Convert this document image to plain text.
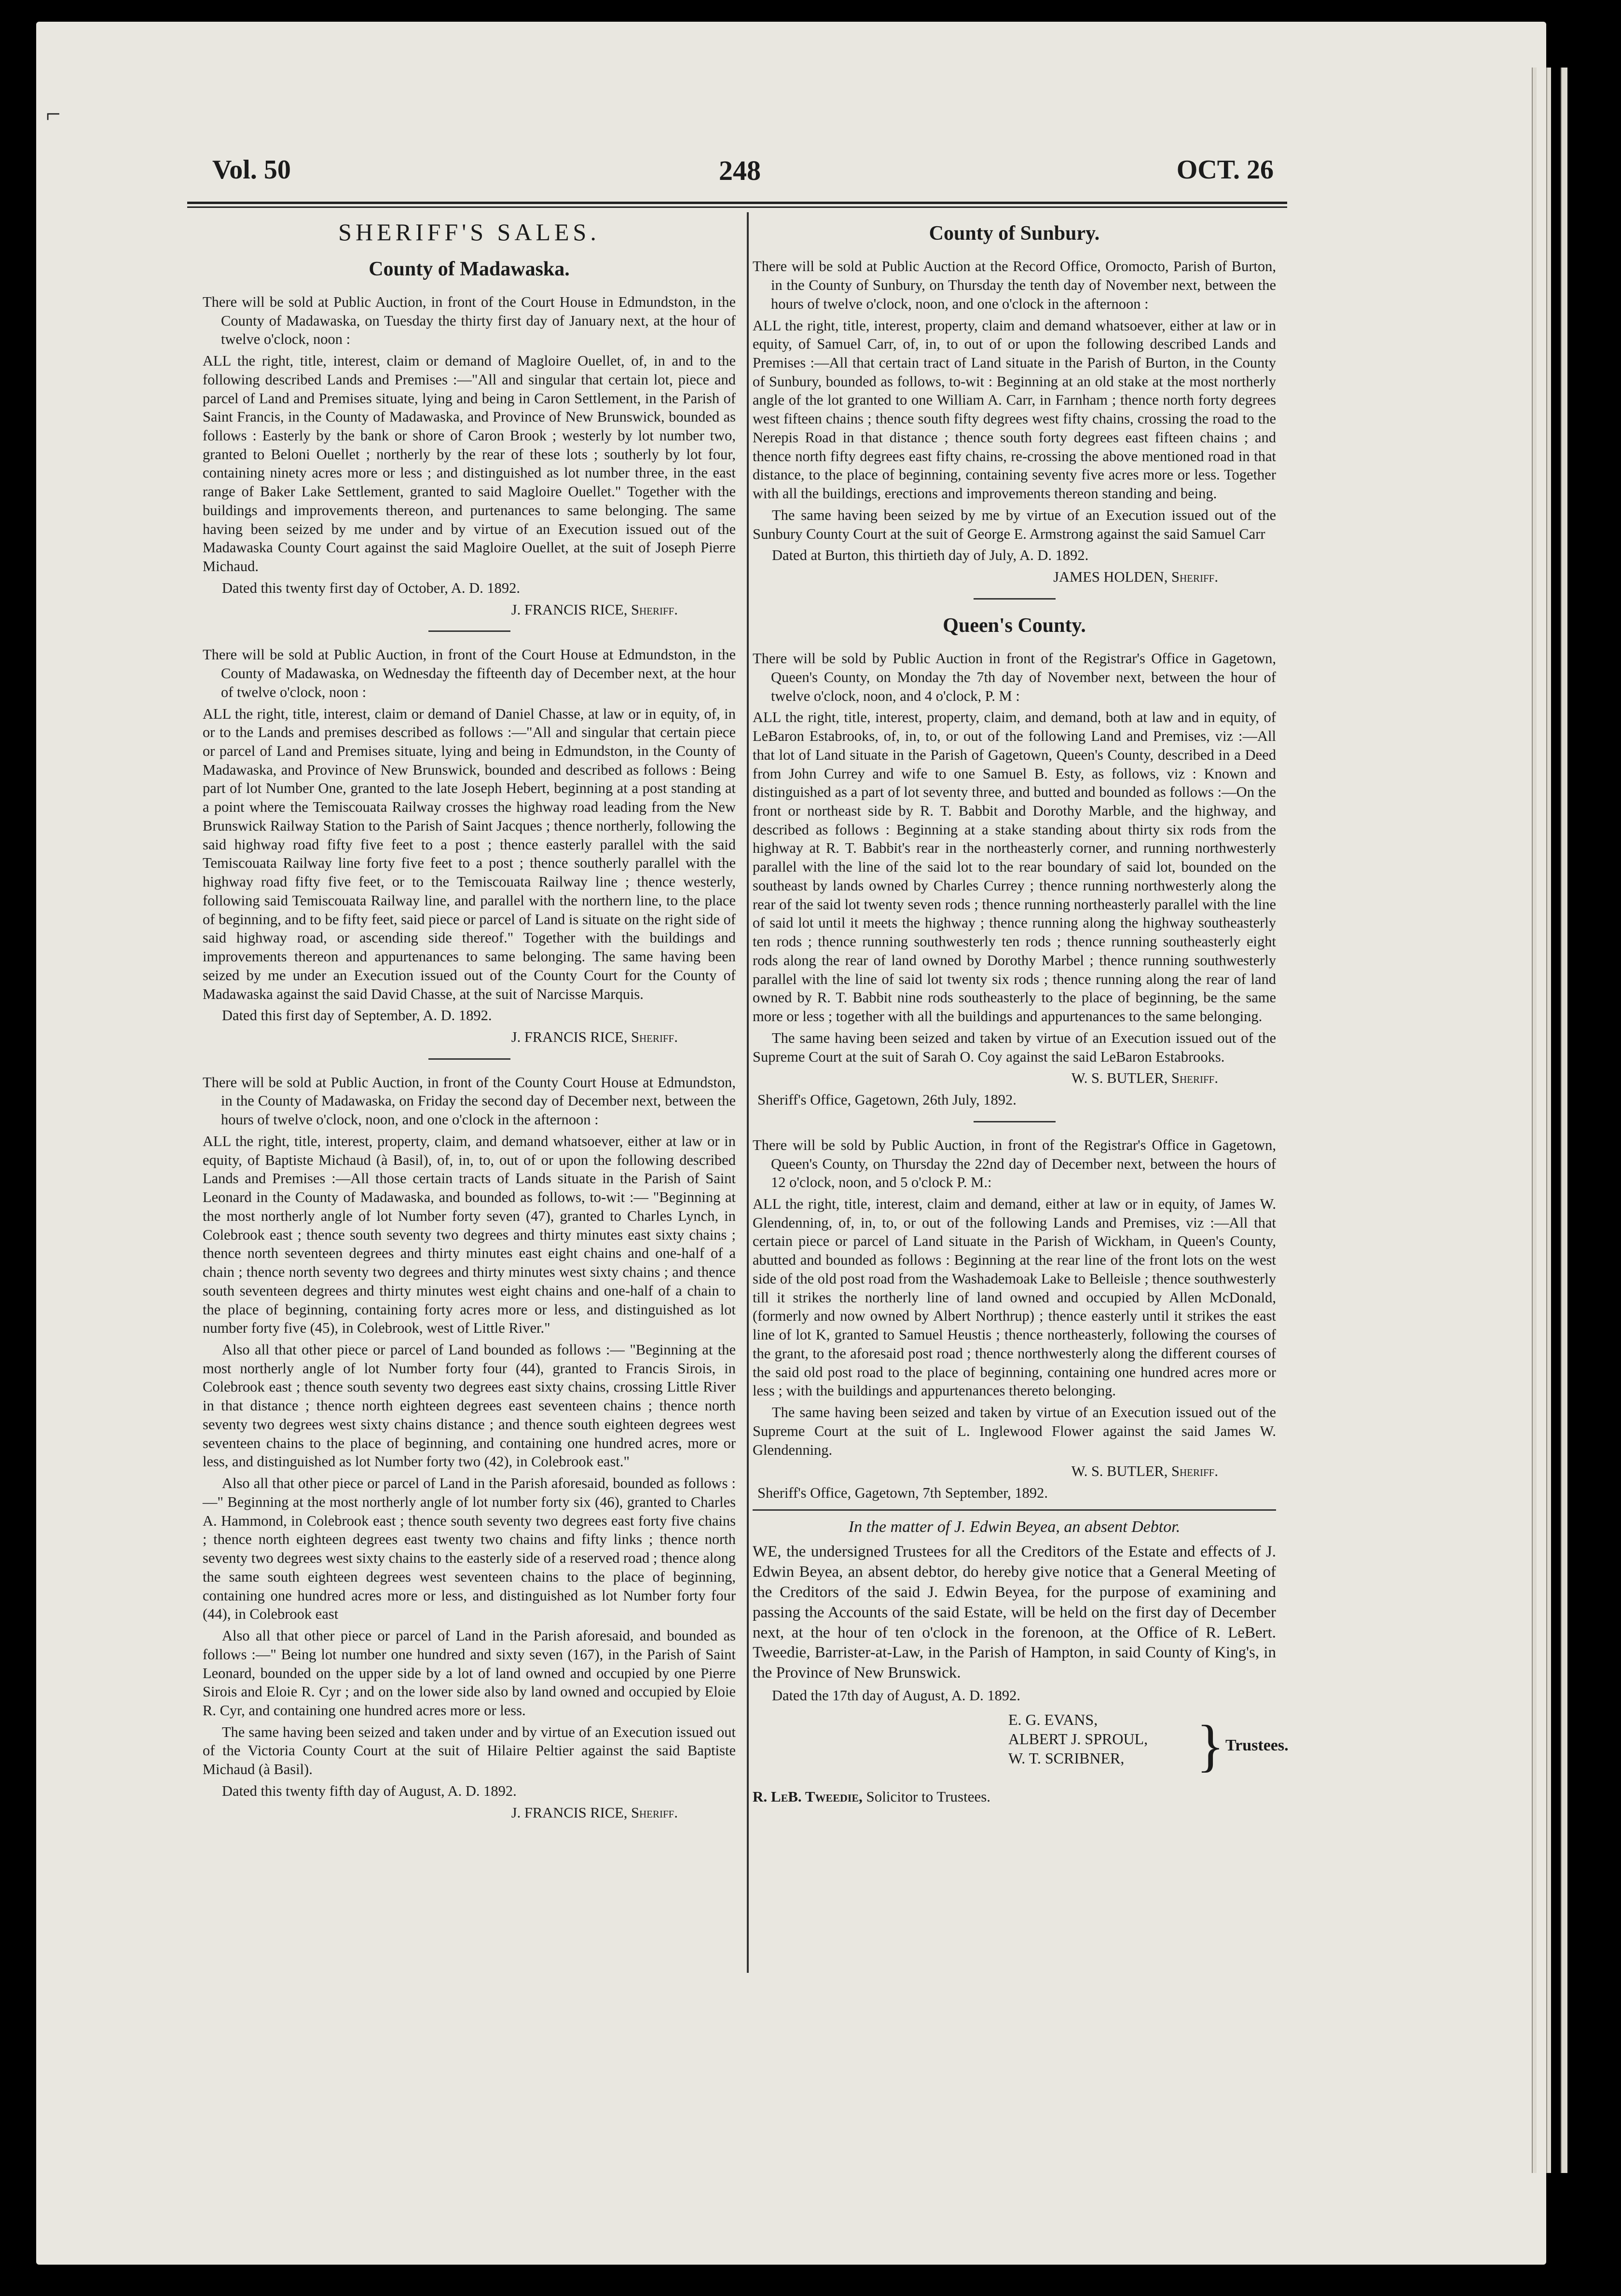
⌐
Vol. 50	248	OCT. 26
SHERIFF'S SALES.
County of Madawaska.

There will be sold at Public Auction, in front of the Court House in Edmundston, in the County of Madawaska, on Tuesday the thirty first day of January next, at the hour of twelve o'clock, noon :

ALL the right, title, interest, claim or demand of Magloire Ouellet, of, in and to the following described Lands and Premises :—"All and singular that certain lot, piece and parcel of Land and Premises situate, lying and being in Caron Settlement, in the Parish of Saint Francis, in the County of Madawaska, and Province of New Brunswick, bounded as follows : Easterly by the bank or shore of Caron Brook ; westerly by lot number two, granted to Beloni Ouellet ; northerly by the rear of these lots ; southerly by lot four, containing ninety acres more or less ; and distinguished as lot number three, in the east range of Baker Lake Settlement, granted to said Magloire Ouellet." Together with the buildings and improvements thereon, and purtenances to same belonging. The same having been seized by me under and by virtue of an Execution issued out of the Madawaska County Court against the said Magloire Ouellet, at the suit of Joseph Pierre Michaud.

Dated this twenty first day of October, A. D. 1892.

J. FRANCIS RICE, Sheriff.

There will be sold at Public Auction, in front of the Court House at Edmundston, in the County of Madawaska, on Wednesday the fifteenth day of December next, at the hour of twelve o'clock, noon :

ALL the right, title, interest, claim or demand of Daniel Chasse, at law or in equity, of, in or to the Lands and premises described as follows :—"All and singular that certain piece or parcel of Land and Premises situate, lying and being in Edmundston, in the County of Madawaska, and Province of New Brunswick, bounded and described as follows : Being part of lot Number One, granted to the late Joseph Hebert, beginning at a post standing at a point where the Temiscouata Railway crosses the highway road leading from the New Brunswick Railway Station to the Parish of Saint Jacques ; thence northerly, following the said highway road fifty five feet to a post ; thence easterly parallel with the said Temiscouata Railway line forty five feet to a post ; thence southerly parallel with the highway road fifty five feet, or to the Temiscouata Railway line ; thence westerly, following said Temiscouata Railway line, and parallel with the northern line, to the place of beginning, and to be fifty feet, said piece or parcel of Land is situate on the right side of said highway road, or ascending side thereof." Together with the buildings and improvements thereon and appurtenances to same belonging. The same having been seized by me under an Execution issued out of the County Court for the County of Madawaska against the said David Chasse, at the suit of Narcisse Marquis.

Dated this first day of September, A. D. 1892.

J. FRANCIS RICE, Sheriff.

There will be sold at Public Auction, in front of the County Court House at Edmundston, in the County of Madawaska, on Friday the second day of December next, between the hours of twelve o'clock, noon, and one o'clock in the afternoon :

ALL the right, title, interest, property, claim, and demand whatsoever, either at law or in equity, of Baptiste Michaud (à Basil), of, in, to, out of or upon the following described Lands and Premises :—All those certain tracts of Lands situate in the Parish of Saint Leonard in the County of Madawaska, and bounded as follows, to-wit :— "Beginning at the most northerly angle of lot Number forty seven (47), granted to Charles Lynch, in Colebrook east ; thence south seventy two degrees and thirty minutes east sixty chains ; thence north seventeen degrees and thirty minutes east eight chains and one-half of a chain ; thence north seventy two degrees and thirty minutes west sixty chains ; and thence south seventeen degrees and thirty minutes west eight chains and one-half of a chain to the place of beginning, containing forty acres more or less, and distinguished as lot number forty five (45), in Colebrook, west of Little River."

Also all that other piece or parcel of Land bounded as follows :— "Beginning at the most northerly angle of lot Number forty four (44), granted to Francis Sirois, in Colebrook east ; thence south seventy two degrees east sixty chains, crossing Little River in that distance ; thence north eighteen degrees east seventeen chains ; thence north seventy two degrees west sixty chains distance ; and thence south eighteen degrees west seventeen chains to the place of beginning, and containing one hundred acres, more or less, and distinguished as lot Number forty two (42), in Colebrook east."

Also all that other piece or parcel of Land in the Parish aforesaid, bounded as follows :—" Beginning at the most northerly angle of lot number forty six (46), granted to Charles A. Hammond, in Colebrook east ; thence south seventy two degrees east forty five chains ; thence north eighteen degrees east twenty two chains and fifty links ; thence north seventy two degrees west sixty chains to the easterly side of a reserved road ; thence along the same south eighteen degrees west seventeen chains to the place of beginning, containing one hundred acres more or less, and distinguished as lot Number forty four (44), in Colebrook east

Also all that other piece or parcel of Land in the Parish aforesaid, and bounded as follows :—" Being lot number one hundred and sixty seven (167), in the Parish of Saint Leonard, bounded on the upper side by a lot of land owned and occupied by one Pierre Sirois and Eloie R. Cyr ; and on the lower side also by land owned and occupied by Eloie R. Cyr, and containing one hundred acres more or less.

The same having been seized and taken under and by virtue of an Execution issued out of the Victoria County Court at the suit of Hilaire Peltier against the said Baptiste Michaud (à Basil).

Dated this twenty fifth day of August, A. D. 1892.

J. FRANCIS RICE, Sheriff.

County of Sunbury.

There will be sold at Public Auction at the Record Office, Oromocto, Parish of Burton, in the County of Sunbury, on Thursday the tenth day of November next, between the hours of twelve o'clock, noon, and one o'clock in the afternoon :

ALL the right, title, interest, property, claim and demand whatsoever, either at law or in equity, of Samuel Carr, of, in, to out of or upon the following described Lands and Premises :—All that certain tract of Land situate in the Parish of Burton, in the County of Sunbury, bounded as follows, to-wit : Beginning at an old stake at the most northerly angle of the lot granted to one William A. Carr, in Farnham ; thence north forty degrees west fifteen chains ; thence south fifty degrees west fifty chains, crossing the road to the Nerepis Road in that distance ; thence south forty degrees east fifteen chains ; and thence north fifty degrees east fifty chains, re-crossing the above mentioned road in that distance, to the place of beginning, containing seventy five acres more or less. Together with all the buildings, erections and improvements thereon standing and being.

The same having been seized by me by virtue of an Execution issued out of the Sunbury County Court at the suit of George E. Armstrong against the said Samuel Carr

Dated at Burton, this thirtieth day of July, A. D. 1892.

JAMES HOLDEN, Sheriff.

Queen's County.

There will be sold by Public Auction in front of the Registrar's Office in Gagetown, Queen's County, on Monday the 7th day of November next, between the hour of twelve o'clock, noon, and 4 o'clock, P. M :

ALL the right, title, interest, property, claim, and demand, both at law and in equity, of LeBaron Estabrooks, of, in, to, or out of the following Land and Premises, viz :—All that lot of Land situate in the Parish of Gagetown, Queen's County, described in a Deed from John Currey and wife to one Samuel B. Esty, as follows, viz : Known and distinguished as a part of lot seventy three, and butted and bounded as follows :—On the front or northeast side by R. T. Babbit and Dorothy Marble, and the highway, and described as follows : Beginning at a stake standing about thirty six rods from the highway at R. T. Babbit's rear in the northeasterly corner, and running northwesterly parallel with the line of the said lot to the rear boundary of said lot, bounded on the southeast by lands owned by Charles Currey ; thence running northwesterly along the rear of the said lot twenty seven rods ; thence running northeasterly parallel with the line of said lot until it meets the highway ; thence running along the highway southeasterly ten rods ; thence running southwesterly ten rods ; thence running southeasterly eight rods along the rear of land owned by Dorothy Marbel ; thence running southwesterly parallel with the line of said lot twenty six rods ; thence running along the rear of land owned by R. T. Babbit nine rods southeasterly to the place of beginning, be the same more or less ; together with all the buildings and appurtenances to the same belonging.

The same having been seized and taken by virtue of an Execution issued out of the Supreme Court at the suit of Sarah O. Coy against the said LeBaron Estabrooks.

W. S. BUTLER, Sheriff.

Sheriff's Office, Gagetown, 26th July, 1892.

There will be sold by Public Auction, in front of the Registrar's Office in Gagetown, Queen's County, on Thursday the 22nd day of December next, between the hours of 12 o'clock, noon, and 5 o'clock P. M.:

ALL the right, title, interest, claim and demand, either at law or in equity, of James W. Glendenning, of, in, to, or out of the following Lands and Premises, viz :—All that certain piece or parcel of Land situate in the Parish of Wickham, in Queen's County, abutted and bounded as follows : Beginning at the rear line of the front lots on the west side of the old post road from the Washademoak Lake to Belleisle ; thence southwesterly till it strikes the northerly line of land owned and occupied by Allen McDonald, (formerly and now owned by Albert Northrup) ; thence easterly until it strikes the east line of lot K, granted to Samuel Heustis ; thence northeasterly, following the courses of the grant, to the aforesaid post road ; thence northwesterly along the different courses of the said old post road to the place of beginning, containing one hundred acres more or less ; with the buildings and appurtenances thereto belonging.

The same having been seized and taken by virtue of an Execution issued out of the Supreme Court at the suit of L. Inglewood Flower against the said James W. Glendenning.

W. S. BUTLER, Sheriff.

Sheriff's Office, Gagetown, 7th September, 1892.

In the matter of J. Edwin Beyea, an absent Debtor.

WE, the undersigned Trustees for all the Creditors of the Estate and effects of J. Edwin Beyea, an absent debtor, do hereby give notice that a General Meeting of the Creditors of the said J. Edwin Beyea, for the purpose of examining and passing the Accounts of the said Estate, will be held on the first day of December next, at the hour of ten o'clock in the forenoon, at the Office of R. LeBert. Tweedie, Barrister-at-Law, in the Parish of Hampton, in said County of King's, in the Province of New Brunswick.

Dated the 17th day of August, A. D. 1892.

E. G. EVANS,
ALBERT J. SPROUL,
W. T. SCRIBNER,	} Trustees.

R. LeB. Tweedie, Solicitor to Trustees.
